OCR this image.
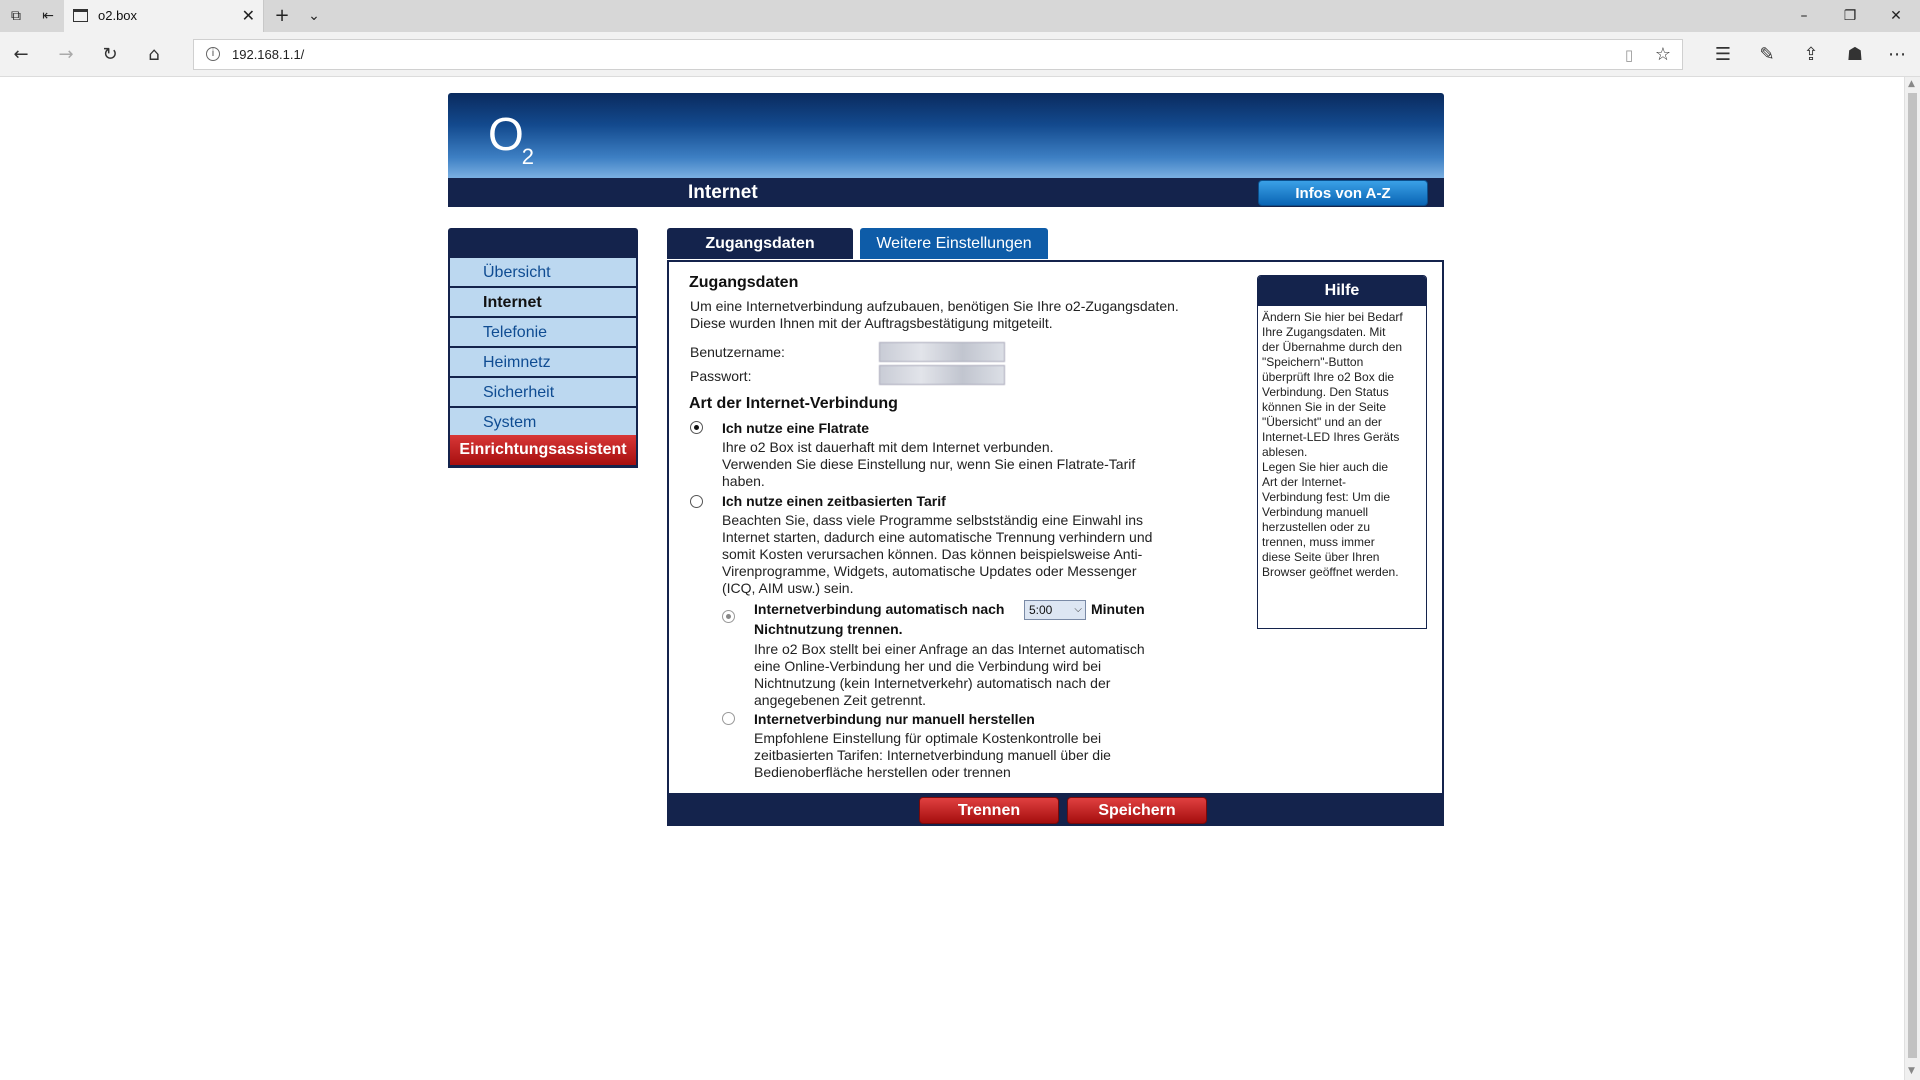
⧉	⇤	o2.box	✕ + ⌄	–	❐	✕
← → ↻ ⌂	i	192.168.1.1/	▯	☆ ☰ ✎ ⇪ ☗ ⋯
$O_2$
Internet	Infos von A-Z
Übersicht
Internet
Telefonie
Heimnetz
Sicherheit
System
Einrichtungsassistent
Zugangsdaten	Weitere Einstellungen
Zugangsdaten
Um eine Internetverbindung aufzubauen, benötigen Sie Ihre o2-Zugangsdaten.
Diese wurden Ihnen mit der Auftragsbestätigung mitgeteilt.
Benutzername:
Passwort:
Art der Internet-Verbindung
Ich nutze eine Flatrate
Ihre o2 Box ist dauerhaft mit dem Internet verbunden.
Verwenden Sie diese Einstellung nur, wenn Sie einen Flatrate-Tarif
haben.
Ich nutze einen zeitbasierten Tarif
Beachten Sie, dass viele Programme selbstständig eine Einwahl ins
Internet starten, dadurch eine automatische Trennung verhindern und
somit Kosten verursachen können. Das können beispielsweise Anti-
Virenprogramme, Widgets, automatische Updates oder Messenger
(ICQ, AIM usw.) sein.
Internetverbindung automatisch nach	5:00 ⌵ Minuten
Nichtnutzung trennen.
Ihre o2 Box stellt bei einer Anfrage an das Internet automatisch
eine Online-Verbindung her und die Verbindung wird bei
Nichtnutzung (kein Internetverkehr) automatisch nach der
angegebenen Zeit getrennt.
Internetverbindung nur manuell herstellen
Empfohlene Einstellung für optimale Kostenkontrolle bei
zeitbasierten Tarifen: Internetverbindung manuell über die
Bedienoberfläche herstellen oder trennen
Hilfe
Ändern Sie hier bei Bedarf
Ihre Zugangsdaten. Mit
der Übernahme durch den
"Speichern"-Button
überprüft Ihre o2 Box die
Verbindung. Den Status
können Sie in der Seite
"Übersicht" und an der
Internet-LED Ihres Geräts
ablesen.
Legen Sie hier auch die
Art der Internet-
Verbindung fest: Um die
Verbindung manuell
herzustellen oder zu
trennen, muss immer
diese Seite über Ihren
Browser geöffnet werden.
Trennen	Speichern
▲
▼
